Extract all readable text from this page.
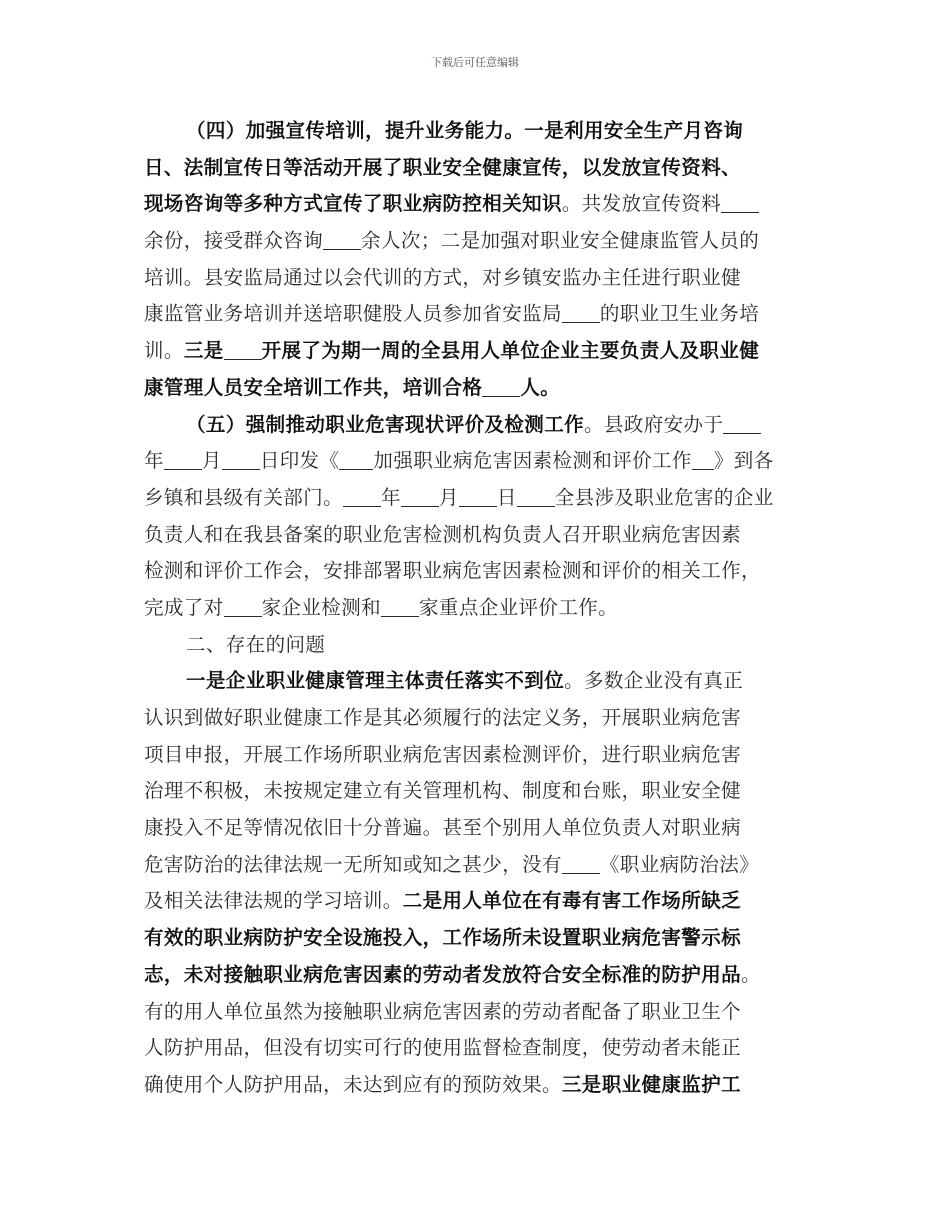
下载后可任意编辑
（四）加强宣传培训，提升业务能力。一是利用安全生产月咨询
日、法制宣传日等活动开展了职业安全健康宣传，以发放宣传资料、
现场咨询等多种方式宣传了职业病防控相关知识。共发放宣传资料
余份，接受群众咨询 余人次；二是加强对职业安全健康监管人员的
培训。县安监局通过以会代训的方式，对乡镇安监办主任进行职业健
康监管业务培训并送培职健股人员参加省安监局 的职业卫生业务培
训。三是 开展了为期一周的全县用人单位企业主要负责人及职业健
康管理人员安全培训工作共，培训合格 人。
（五）强制推动职业危害现状评价及检测工作。县政府安办于
年 月 日印发《 加强职业病危害因素检测和评价工作 》到各
乡镇和县级有关部门。 年 月 日 全县涉及职业危害的企业
负责人和在我县备案的职业危害检测机构负责人召开职业病危害因素
检测和评价工作会，安排部署职业病危害因素检测和评价的相关工作，
完成了对 家企业检测和 家重点企业评价工作。
二、存在的问题
一是企业职业健康管理主体责任落实不到位。多数企业没有真正
认识到做好职业健康工作是其必须履行的法定义务，开展职业病危害
项目申报，开展工作场所职业病危害因素检测评价，进行职业病危害
治理不积极，未按规定建立有关管理机构、制度和台账，职业安全健
康投入不足等情况依旧十分普遍。甚至个别用人单位负责人对职业病
危害防治的法律法规一无所知或知之甚少，没有 《职业病防治法》
及相关法律法规的学习培训。二是用人单位在有毒有害工作场所缺乏
有效的职业病防护安全设施投入，工作场所未设置职业病危害警示标
志，未对接触职业病危害因素的劳动者发放符合安全标准的防护用品。
有的用人单位虽然为接触职业病危害因素的劳动者配备了职业卫生个
人防护用品，但没有切实可行的使用监督检查制度，使劳动者未能正
确使用个人防护用品，未达到应有的预防效果。三是职业健康监护工
